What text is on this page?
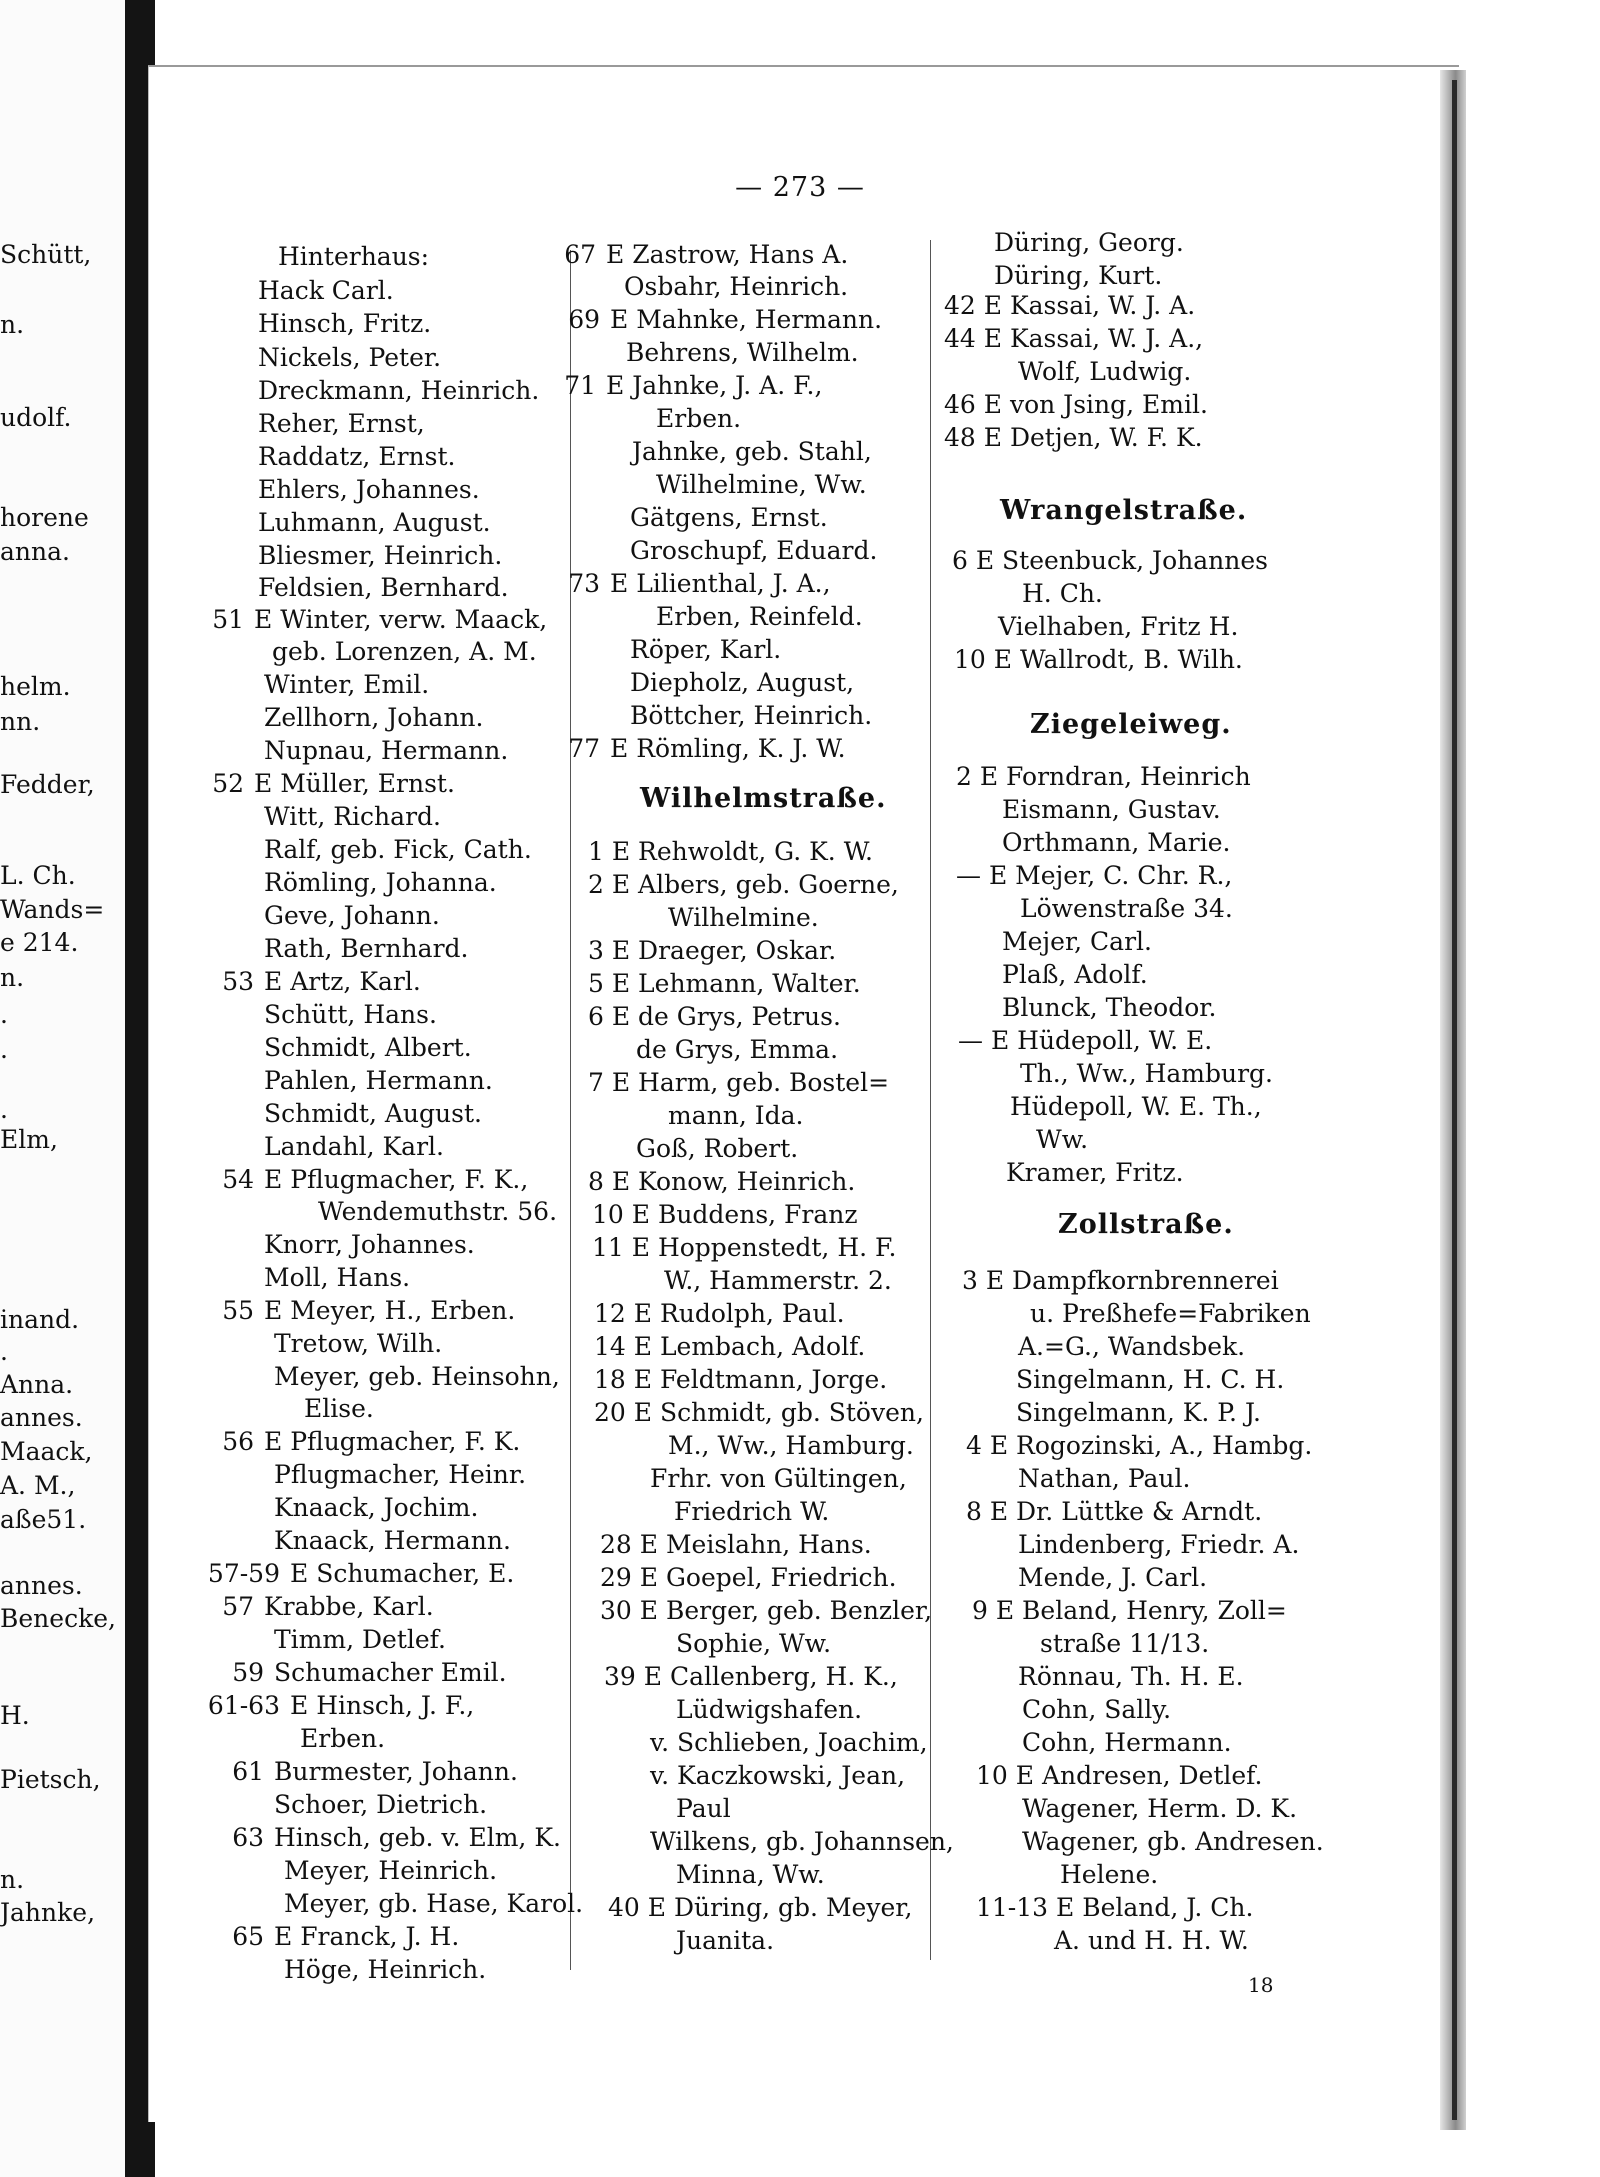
Schütt,
n.
udolf.
horene
anna.
helm.
nn.
Fedder,
L. Ch.
Wands=
e 214.
n.
.
.
.
Elm,
inand.
.
Anna.
annes.
Maack,
A. M.,
aße51.
annes.
Benecke,
H.
Pietsch,
n.
Jahnke,
— 273 —
Hinterhaus:
Hack Carl.
Hinsch, Fritz.
Nickels, Peter.
Dreckmann, Heinrich.
Reher, Ernst,
Raddatz, Ernst.
Ehlers, Johannes.
Luhmann, August.
Bliesmer, Heinrich.
Feldsien, Bernhard.
51 E Winter, verw. Maack,
geb. Lorenzen, A. M.
Winter, Emil.
Zellhorn, Johann.
Nupnau, Hermann.
52 E Müller, Ernst.
Witt, Richard.
Ralf, geb. Fick, Cath.
Römling, Johanna.
Geve, Johann.
Rath, Bernhard.
53 E Artz, Karl.
Schütt, Hans.
Schmidt, Albert.
Pahlen, Hermann.
Schmidt, August.
Landahl, Karl.
54 E Pflugmacher, F. K.,
Wendemuthstr. 56.
Knorr, Johannes.
Moll, Hans.
55 E Meyer, H., Erben.
Tretow, Wilh.
Meyer, geb. Heinsohn,
Elise.
56 E Pflugmacher, F. K.
Pflugmacher, Heinr.
Knaack, Jochim.
Knaack, Hermann.
57-59 E Schumacher, E.
57 Krabbe, Karl.
Timm, Detlef.
59 Schumacher Emil.
61-63 E Hinsch, J. F.,
Erben.
61 Burmester, Johann.
Schoer, Dietrich.
63 Hinsch, geb. v. Elm, K.
Meyer, Heinrich.
Meyer, gb. Hase, Karol.
65 E Franck, J. H.
Höge, Heinrich.
67 E Zastrow, Hans A.
Osbahr, Heinrich.
69 E Mahnke, Hermann.
Behrens, Wilhelm.
71 E Jahnke, J. A. F.,
Erben.
Jahnke, geb. Stahl,
Wilhelmine, Ww.
Gätgens, Ernst.
Groschupf, Eduard.
73 E Lilienthal, J. A.,
Erben, Reinfeld.
Röper, Karl.
Diepholz, August,
Böttcher, Heinrich.
77 E Römling, K. J. W.
1 E Rehwoldt, G. K. W.
2 E Albers, geb. Goerne,
Wilhelmine.
3 E Draeger, Oskar.
5 E Lehmann, Walter.
6 E de Grys, Petrus.
de Grys, Emma.
7 E Harm, geb. Bostel=
mann, Ida.
Goß, Robert.
8 E Konow, Heinrich.
10 E Buddens, Franz
11 E Hoppenstedt, H. F.
W., Hammerstr. 2.
12 E Rudolph, Paul.
14 E Lembach, Adolf.
18 E Feldtmann, Jorge.
20 E Schmidt, gb. Stöven,
M., Ww., Hamburg.
Frhr. von Gültingen,
Friedrich W.
28 E Meislahn, Hans.
29 E Goepel, Friedrich.
30 E Berger, geb. Benzler,
Sophie, Ww.
39 E Callenberg, H. K.,
Lüdwigshafen.
v. Schlieben, Joachim,
v. Kaczkowski, Jean,
Paul
Wilkens, gb. Johannsen,
Minna, Ww.
40 E Düring, gb. Meyer,
Juanita.
Düring, Georg.
Düring, Kurt.
42 E Kassai, W. J. A.
44 E Kassai, W. J. A.,
Wolf, Ludwig.
46 E von Jsing, Emil.
48 E Detjen, W. F. K.
6 E Steenbuck, Johannes
H. Ch.
Vielhaben, Fritz H.
10 E Wallrodt, B. Wilh.
2 E Forndran, Heinrich
Eismann, Gustav.
Orthmann, Marie.
— E Mejer, C. Chr. R.,
Löwenstraße 34.
Mejer, Carl.
Plaß, Adolf.
Blunck, Theodor.
— E Hüdepoll, W. E.
Th., Ww., Hamburg.
Hüdepoll, W. E. Th.,
Ww.
Kramer, Fritz.
3 E Dampfkornbrennerei
u. Preßhefe=Fabriken
A.=G., Wandsbek.
Singelmann, H. C. H.
Singelmann, K. P. J.
4 E Rogozinski, A., Hambg.
Nathan, Paul.
8 E Dr. Lüttke & Arndt.
Lindenberg, Friedr. A.
Mende, J. Carl.
9 E Beland, Henry, Zoll=
straße 11/13.
Rönnau, Th. H. E.
Cohn, Sally.
Cohn, Hermann.
10 E Andresen, Detlef.
Wagener, Herm. D. K.
Wagener, gb. Andresen.
Helene.
11-13 E Beland, J. Ch.
A. und H. H. W.
Wilhelmstraße.
Wrangelstraße.
Ziegeleiweg.
Zollstraße.
18
